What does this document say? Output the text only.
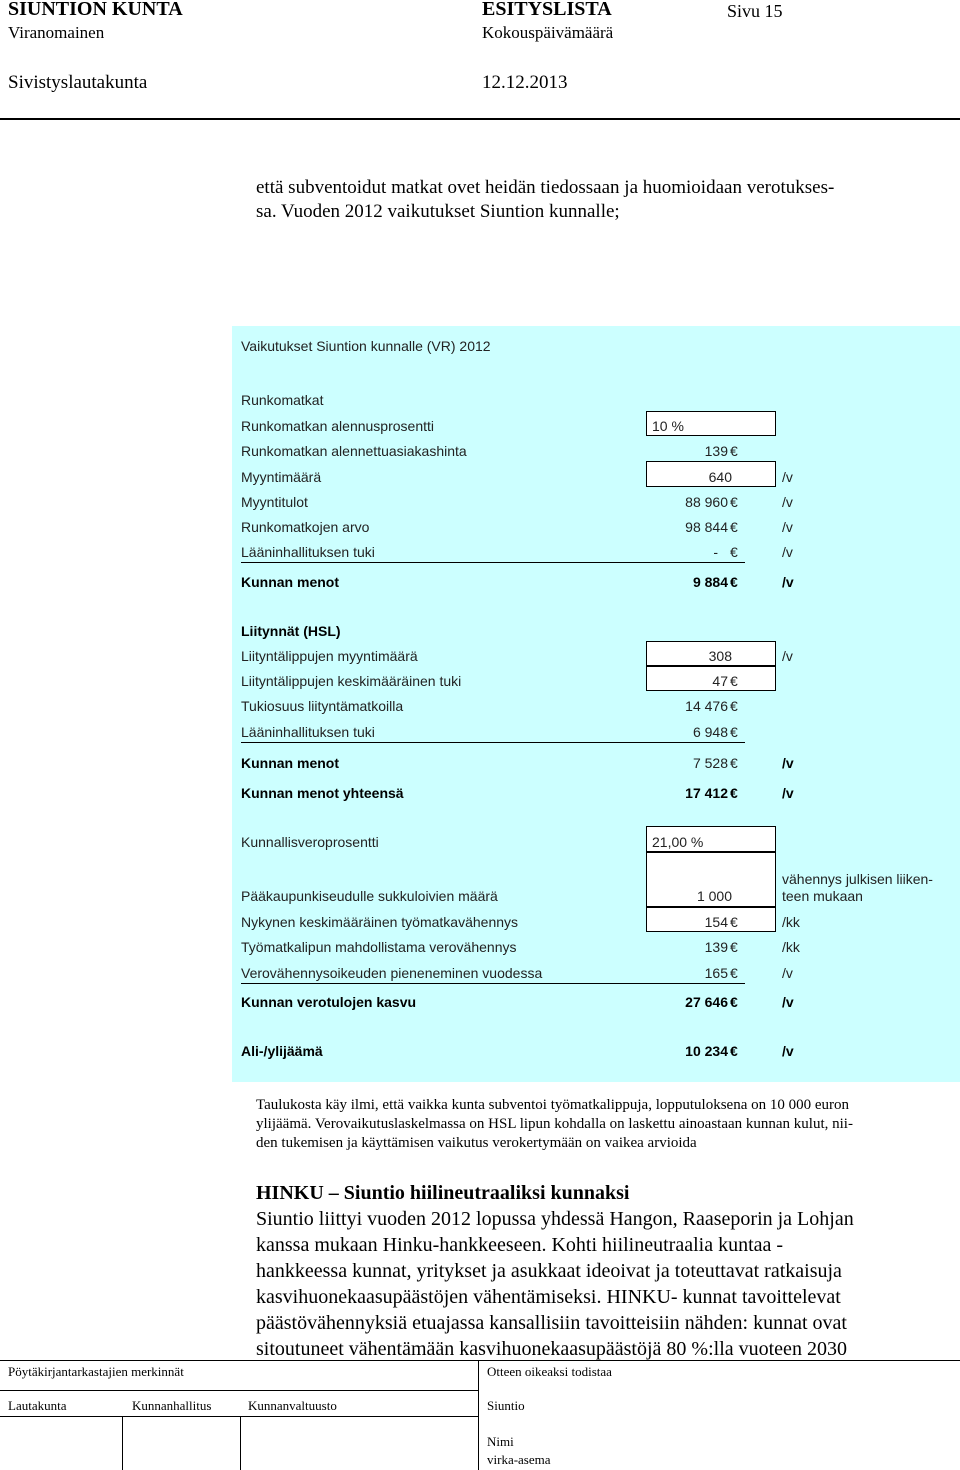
SIUNTION KUNTA	ESITYSLISTA	Sivu 15
Viranomainen	Kokouspäivämäärä
Sivistyslautakunta	12.12.2013
että subventoidut matkat ovet heidän tiedossaan ja huomioidaan verotukses-
sa. Vuoden 2012 vaikutukset Siuntion kunnalle;
Vaikutukset Siuntion kunnalle (VR) 2012
Runkomatkat
Runkomatkan alennusprosentti	10 %
Runkomatkan alennettuasiakashinta	139 €
Myyntimäärä	640	/v
Myyntitulot	88 960 €	/v
Runkomatkojen arvo	98 844 €	/v
Lääninhallituksen tuki	- €	/v
Kunnan menot	9 884 €	/v
Liitynnät (HSL)
Liityntälippujen myyntimäärä	308	/v
Liityntälippujen keskimääräinen tuki	47 €
Tukiosuus liityntämatkoilla	14 476 €
Lääninhallituksen tuki	6 948 €
Kunnan menot	7 528 €	/v
Kunnan menot yhteensä	17 412 €	/v
Kunnallisveroprosentti	21,00 %
Pääkaupunkiseudulle sukkuloivien määrä	1 000
vähennys julkisen liiken-
teen mukaan
Nykynen keskimääräinen työmatkavähennys	154 €	/kk
Työmatkalipun mahdollistama verovähennys	139 €	/kk
Verovähennysoikeuden pieneneminen vuodessa	165 €	/v
Kunnan verotulojen kasvu	27 646 €	/v
Ali-/ylijäämä	10 234 €	/v
Taulukosta käy ilmi, että vaikka kunta subventoi työmatkalippuja, lopputuloksena on 10 000 euron
ylijäämä. Verovaikutuslaskelmassa on HSL lipun kohdalla on laskettu ainoastaan kunnan kulut, nii-
den tukemisen ja käyttämisen vaikutus verokertymään on vaikea arvioida
HINKU – Siuntio hiilineutraaliksi kunnaksi
Siuntio liittyi vuoden 2012 lopussa yhdessä Hangon, Raaseporin ja Lohjan
kanssa mukaan Hinku-hankkeeseen. Kohti hiilineutraalia kuntaa -
hankkeessa kunnat, yritykset ja asukkaat ideoivat ja toteuttavat ratkaisuja
kasvihuonekaasupäästöjen vähentämiseksi. HINKU- kunnat tavoittelevat
päästövähennyksiä etuajassa kansallisiin tavoitteisiin nähden: kunnat ovat
sitoutuneet vähentämään kasvihuonekaasupäästöjä 80 %:lla vuoteen 2030
Pöytäkirjantarkastajien merkinnät	Otteen oikeaksi todistaa
Lautakunta	Kunnanhallitus	Kunnanvaltuusto	Siuntio
Nimi
virka-asema
